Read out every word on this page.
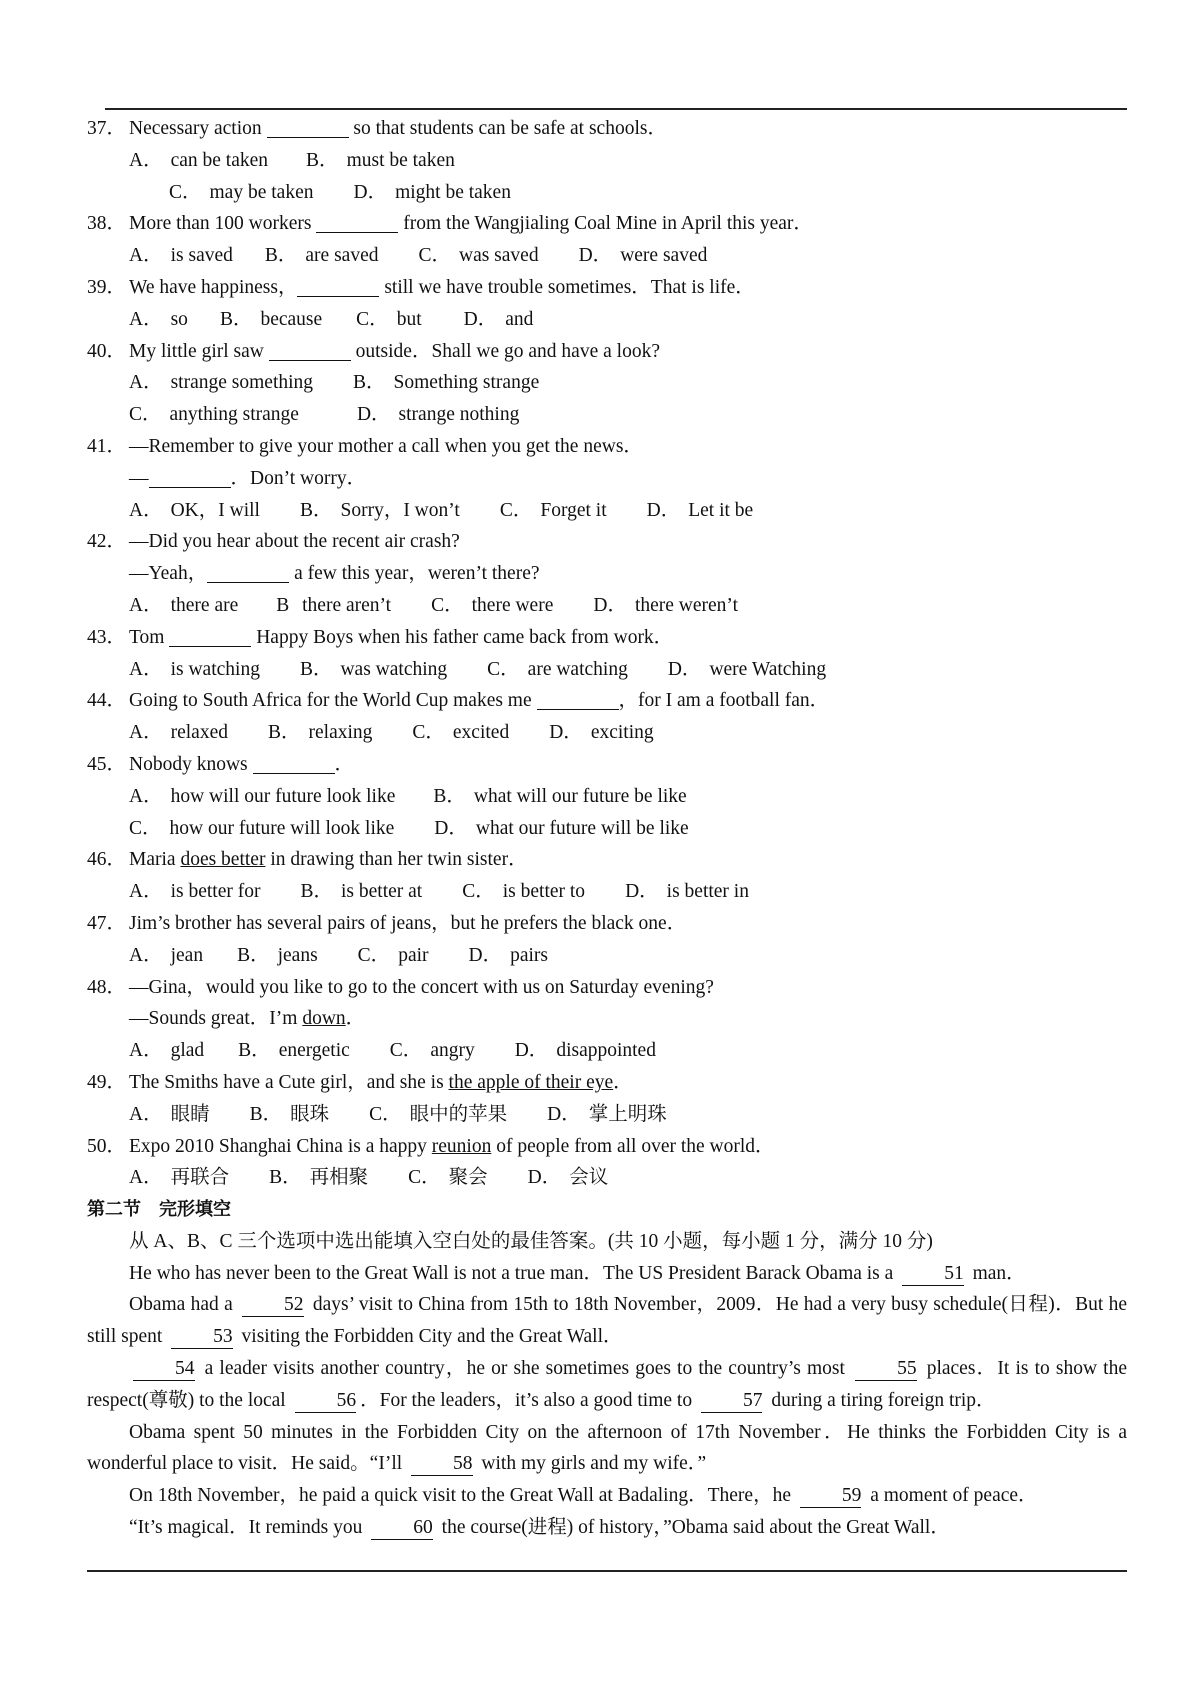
37． Necessary action	so that students can be safe at schools．
A． can be taken B． must be taken
C． may be taken D． might be taken
38． More than 100 workers	from the Wangjialing Coal Mine in April this year．
A． is saved B． are saved C． was saved D． were saved
39． We have happiness，	still we have trouble sometimes．That is life．
A． so B． because C． but D． and
40． My little girl saw	outside．Shall we go and have a look?
A． strange something B． Something strange
C． anything strange	D． strange nothing
41． —Remember to give your mother a call when you get the news．
—	．Don’t worry．
A． OK，I will B． Sorry，I won’t C． Forget it D． Let it be
42． —Did you hear about the recent air crash?
—Yeah，	a few this year，weren’t there?
A． there are B there aren’t C． there were D． there weren’t
43． Tom	Happy Boys when his father came back from work．
A． is watching B． was watching C． are watching D． were Watching
44． Going to South Africa for the World Cup makes me	，for I am a football fan．
A． relaxed B． relaxing C． excited D． exciting
45． Nobody knows	．
A． how will our future look like B． what will our future be like
C． how our future will look like D． what our future will be like
46． Maria does better in drawing than her twin sister．
A． is better for B． is better at C． is better to D． is better in
47． Jim’s brother has several pairs of jeans，but he prefers the black one．
A． jean B． jeans C． pair D． pairs
48． —Gina，would you like to go to the concert with us on Saturday evening?
—Sounds great．I’m down．
A． glad B． energetic C． angry D． disappointed
49． The Smiths have a Cute girl，and she is the apple of their eye．
A． 眼睛 B． 眼珠 C． 眼中的苹果 D． 掌上明珠
50． Expo 2010 Shanghai China is a happy reunion of people from all over the world．
A． 再联合 B． 再相聚 C． 聚会 D． 会议
第二节　完形填空
从 A、B、C 三个选项中选出能填入空白处的最佳答案。(共 10 小题，每小题 1 分，满分 10 分)
He who has never been to the Great Wall is not a true man．The US President Barack Obama is a 51 man．
Obama had a 52 days’ visit to China from 15th to 18th November，2009．He had a very busy schedule(日程)．But he still spent 53 visiting the Forbidden City and the Great Wall．
54 a leader visits another country，he or she sometimes goes to the country’s most 55 places．It is to show the respect(尊敬) to the local 56 ．For the leaders，it’s also a good time to 57 during a tiring foreign trip．
Obama spent 50 minutes in the Forbidden City on the afternoon of 17th November．He thinks the Forbidden City is a wonderful place to visit．He said。“I’ll 58 with my girls and my wife．”
On 18th November，he paid a quick visit to the Great Wall at Badaling．There，he 59 a moment of peace．
“It’s magical．It reminds you 60 the course(进程) of history，”Obama said about the Great Wall．
